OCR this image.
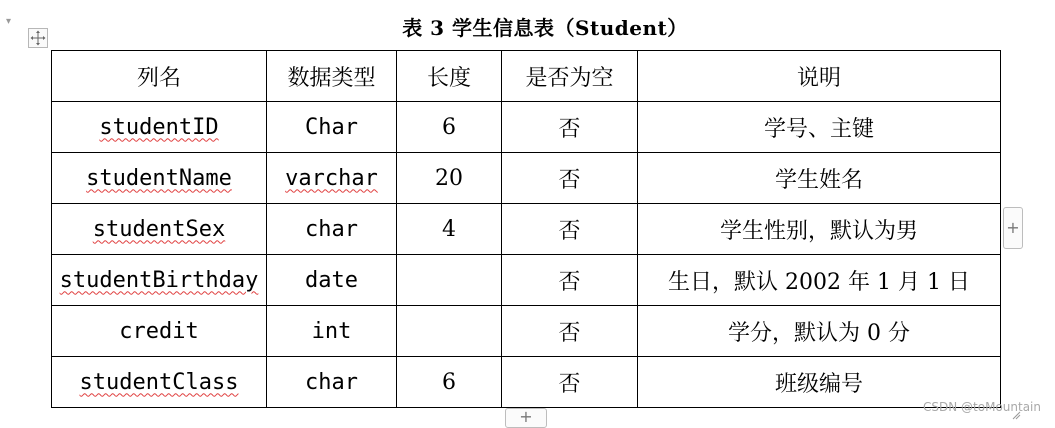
▾	表 3 学生信息表（Student）
列名	数据类型	长度	是否为空	说明
studentID	Char	6	否	学号、主键
studentName	varchar	20	否	学生姓名
studentSex	char	4	否	学生性别，默认为男
studentBirthday	date		否	生日，默认 2002 年 1 月 1 日
credit	int		否	学分，默认为 0 分
studentClass	char	6	否	班级编号
+
+	CSDN @toMountain
